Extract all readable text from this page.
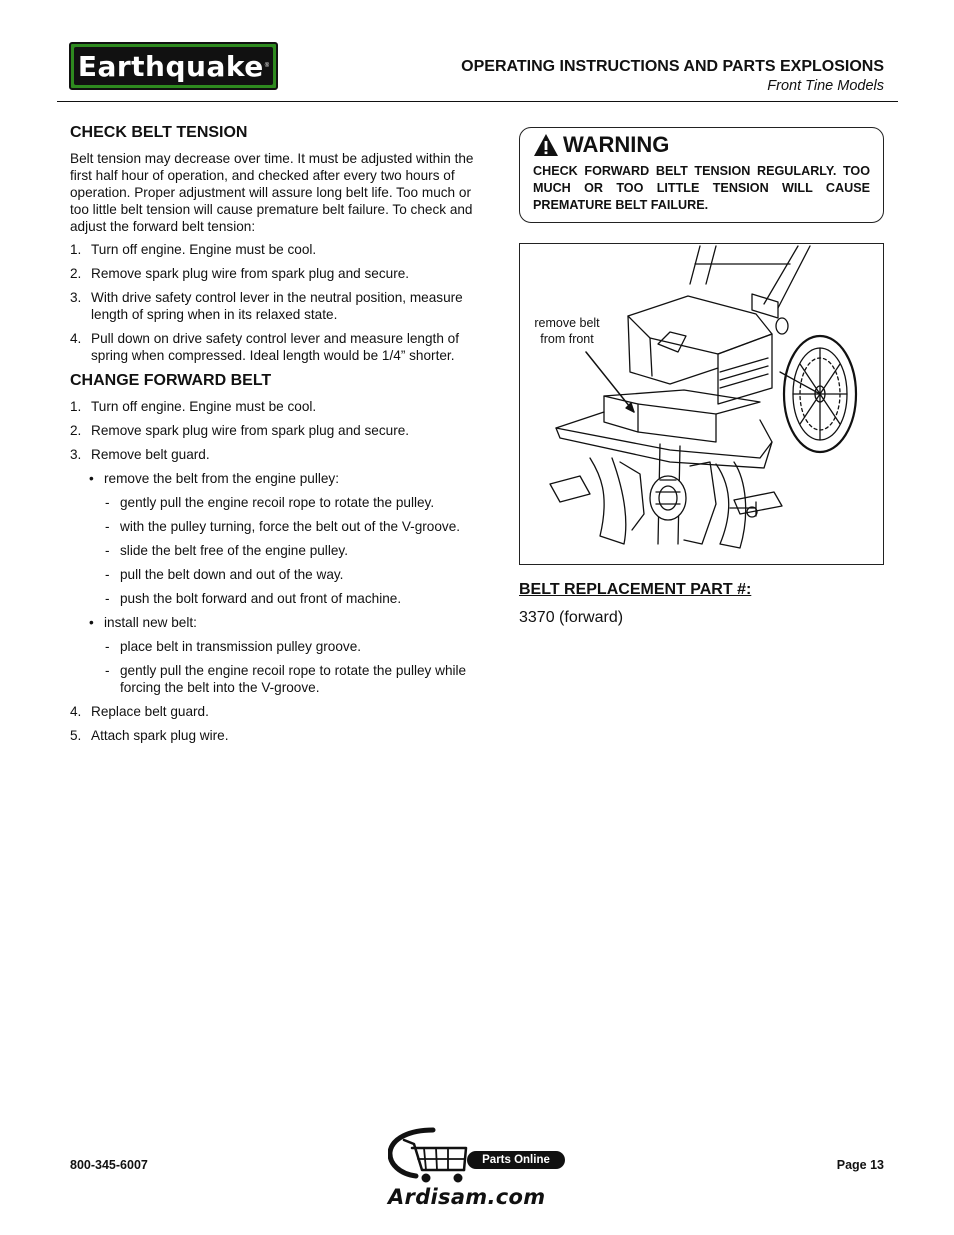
Earthquake ®	OPERATING INSTRUCTIONS AND PARTS EXPLOSIONS
Front Tine Models
CHECK BELT TENSION
Belt tension may decrease over time. It must be adjusted within the first half hour of operation, and checked after every two hours of operation. Proper adjustment will assure long belt life. Too much or too little belt tension will cause premature belt failure. To check and adjust the forward belt tension:
1. Turn off engine. Engine must be cool.
2. Remove spark plug wire from spark plug and secure.
3. With drive safety control lever in the neutral position, measure length of spring when in its relaxed state.
4. Pull down on drive safety control lever and measure length of spring when compressed. Ideal length would be 1/4” shorter.
CHANGE FORWARD BELT
1. Turn off engine. Engine must be cool.
2. Remove spark plug wire from spark plug and secure.
3. Remove belt guard.
• remove the belt from the engine pulley:
- gently pull the engine recoil rope to rotate the pulley.
- with the pulley turning, force the belt out of the V-groove.
- slide the belt free of the engine pulley.
- pull the belt down and out of the way.
- push the bolt forward and out front of machine.
• install new belt:
- place belt in transmission pulley groove.
- gently pull the engine recoil rope to rotate the pulley while forcing the belt into the V-groove.
4. Replace belt guard.
5. Attach spark plug wire.
WARNING
CHECK FORWARD BELT TENSION REGULARLY. TOO MUCH OR TOO LITTLE TENSION WILL CAUSE PREMATURE BELT FAILURE.
remove belt from front
BELT REPLACEMENT PART #:
3370 (forward)
800-345-6007	Page 13
Parts Online
Ardisam.com
